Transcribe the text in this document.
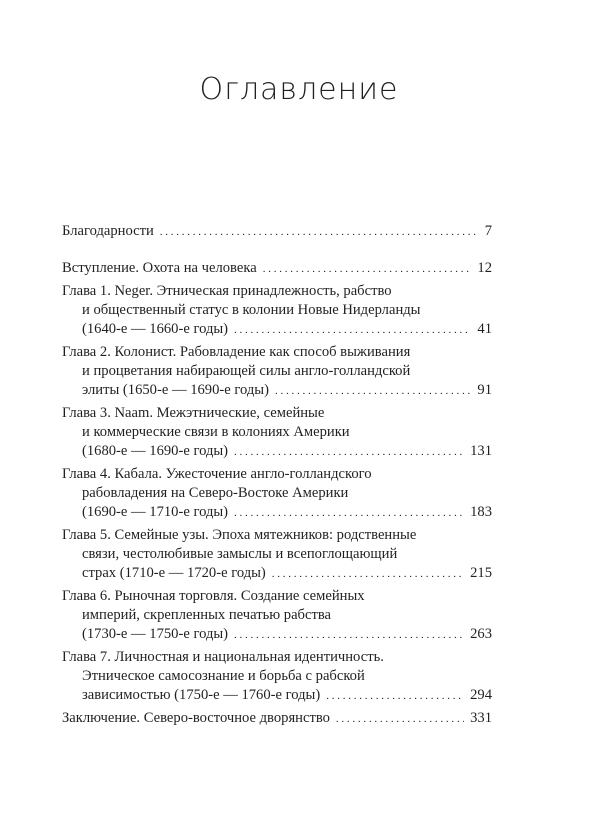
Оглавление
Благодарности . . .	7
Вступление. Охота на человека . . .	12
Глава 1. Neger. Этническая принадлежность, рабство
и общественный статус в колонии Новые Нидерланды
(1640-е — 1660-е годы) . . .	41
Глава 2. Колонист. Рабовладение как способ выживания
и процветания набирающей силы англо-голландской
элиты (1650-е — 1690-е годы) . . .	91
Глава 3. Naam. Межэтнические, семейные
и коммерческие связи в колониях Америки
(1680-е — 1690-е годы) . . .	131
Глава 4. Кабала. Ужесточение англо-голландского
рабовладения на Северо-Востоке Америки
(1690-е — 1710-е годы) . . .	183
Глава 5. Семейные узы. Эпоха мятежников: родственные
связи, честолюбивые замыслы и всепоглощающий
страх (1710-е — 1720-е годы) . . .	215
Глава 6. Рыночная торговля. Создание семейных
империй, скрепленных печатью рабства
(1730-е — 1750-е годы) . . .	263
Глава 7. Личностная и национальная идентичность.
Этническое самосознание и борьба с рабской
зависимостью (1750-е — 1760-е годы) . . .	294
Заключение. Северо-восточное дворянство . . .	331
